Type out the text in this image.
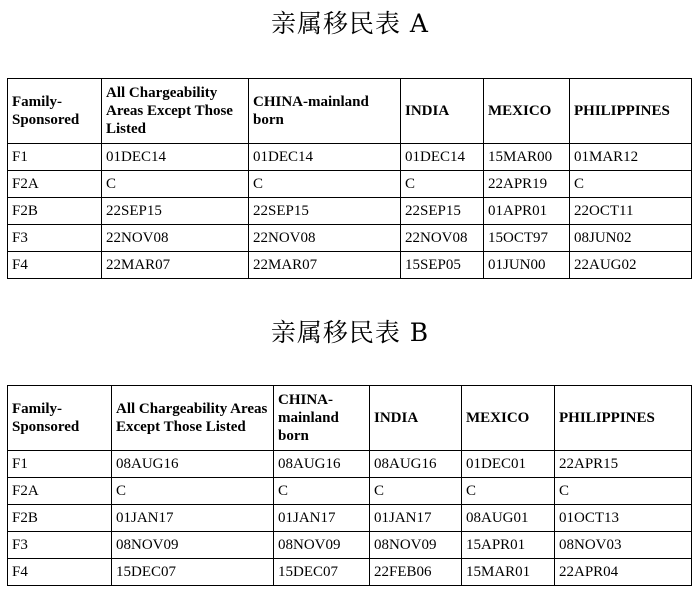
亲属移民表 A
Family-Sponsored	All Chargeability Areas Except Those Listed	CHINA-mainland born	INDIA	MEXICO	PHILIPPINES
F1	01DEC14	01DEC14	01DEC14	15MAR00	01MAR12
F2A	C	C	C	22APR19	C
F2B	22SEP15	22SEP15	22SEP15	01APR01	22OCT11
F3	22NOV08	22NOV08	22NOV08	15OCT97	08JUN02
F4	22MAR07	22MAR07	15SEP05	01JUN00	22AUG02
亲属移民表 B
Family-Sponsored	All Chargeability Areas Except Those Listed	CHINA-mainland born	INDIA	MEXICO	PHILIPPINES
F1	08AUG16	08AUG16	08AUG16	01DEC01	22APR15
F2A	C	C	C	C	C
F2B	01JAN17	01JAN17	01JAN17	08AUG01	01OCT13
F3	08NOV09	08NOV09	08NOV09	15APR01	08NOV03
F4	15DEC07	15DEC07	22FEB06	15MAR01	22APR04
